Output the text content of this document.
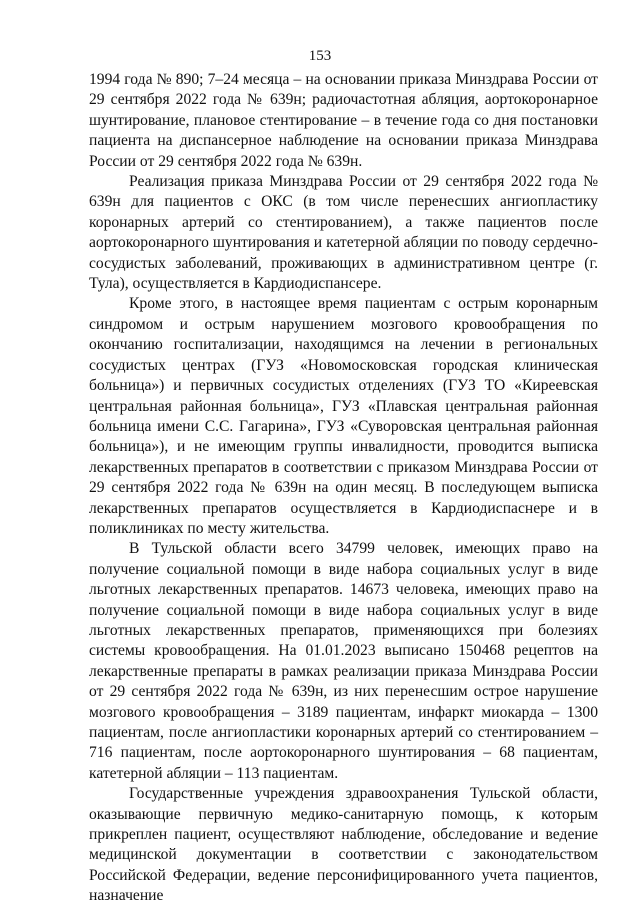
153

1994 года № 890; 7–24 месяца – на основании приказа Минздрава России от 29 сентября 2022 года № 639н; радиочастотная абляция, аортокоронарное шунтирование, плановое стентирование – в течение года со дня постановки пациента на диспансерное наблюдение на основании приказа Минздрава России от 29 сентября 2022 года № 639н.

Реализация приказа Минздрава России от 29 сентября 2022 года № 639н для пациентов с ОКС (в том числе перенесших ангиопластику коронарных артерий со стентированием), а также пациентов после аортокоронарного шунтирования и катетерной абляции по поводу сердечно-сосудистых заболеваний, проживающих в административном центре (г. Тула), осуществляется в Кардиодиспансере.

Кроме этого, в настоящее время пациентам с острым коронарным синдромом и острым нарушением мозгового кровообращения по окончанию госпитализации, находящимся на лечении в региональных сосудистых центрах (ГУЗ «Новомосковская городская клиническая больница») и первичных сосудистых отделениях (ГУЗ ТО «Киреевская центральная районная больница», ГУЗ «Плавская центральная районная больница имени С.С. Гагарина», ГУЗ «Суворовская центральная районная больница»), и не имеющим группы инвалидности, проводится выписка лекарственных препаратов в соответствии с приказом Минздрава России от 29 сентября 2022 года № 639н на один месяц. В последующем выписка лекарственных препаратов осуществляется в Кардиодиспаснере и в поликлиниках по месту жительства.

В Тульской области всего 34799 человек, имеющих право на получение социальной помощи в виде набора социальных услуг в виде льготных лекарственных препаратов. 14673 человека, имеющих право на получение социальной помощи в виде набора социальных услуг в виде льготных лекарственных препаратов, применяющихся при болезиях системы кровообращения. На 01.01.2023 выписано 150468 рецептов на лекарственные препараты в рамках реализации приказа Минздрава России от 29 сентября 2022 года № 639н, из них перенесшим острое нарушение мозгового кровообращения – 3189 пациентам, инфаркт миокарда – 1300 пациентам, после ангиопластики коронарных артерий со стентированием – 716 пациентам, после аортокоронарного шунтирования – 68 пациентам, катетерной абляции – 113 пациентам.

Государственные учреждения здравоохранения Тульской области, оказывающие первичную медико-санитарную помощь, к которым прикреплен пациент, осуществляют наблюдение, обследование и ведение медицинской документации в соответствии с законодательством Российской Федерации, ведение персонифицированного учета пациентов, назначение
